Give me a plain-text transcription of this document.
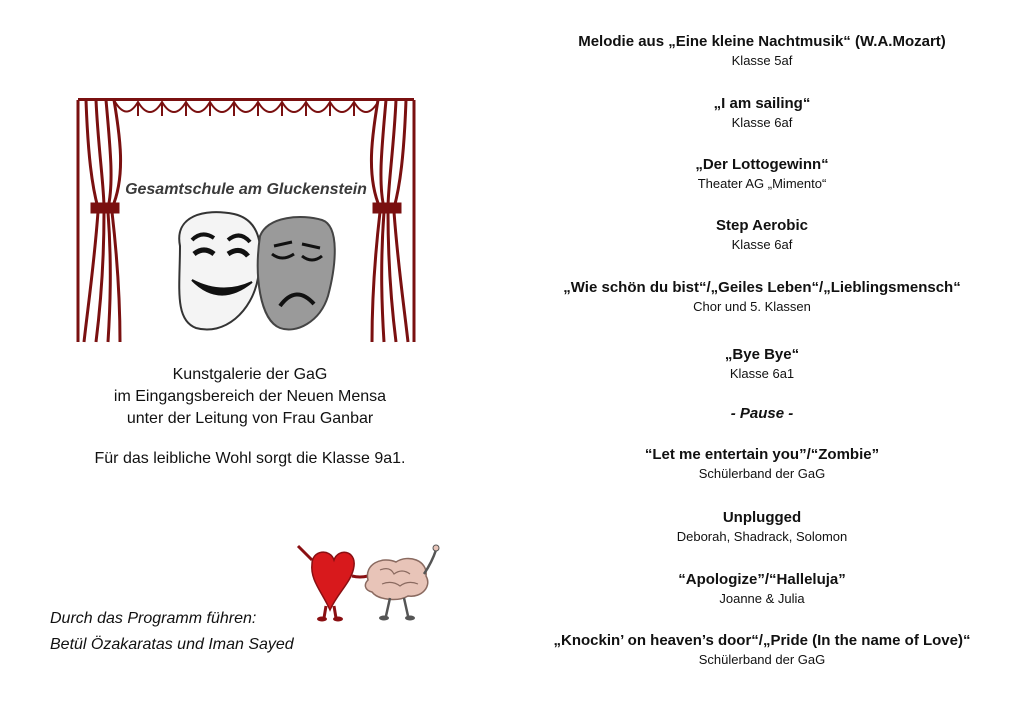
Gesamtschule am Gluckenstein
Kunstgalerie der GaG
im Eingangsbereich der Neuen Mensa
unter der Leitung von Frau Ganbar
Für das leibliche Wohl sorgt die Klasse 9a1.
Durch das Programm führen:
Betül Özakaratas und Iman Sayed
Melodie aus „Eine kleine Nachtmusik“ (W.A.Mozart)
Klasse 5af
„I am sailing“
Klasse 6af
„Der Lottogewinn“
Theater AG „Mimento“
Step Aerobic
Klasse 6af
„Wie schön du bist“/„Geiles Leben“/„Lieblingsmensch“
Chor und 5. Klassen
„Bye Bye“
Klasse 6a1
- Pause -
“Let me entertain you”/“Zombie”
Schülerband der GaG
Unplugged
Deborah, Shadrack, Solomon
“Apologize”/“Halleluja”
Joanne & Julia
„Knockin’ on heaven’s door“/„Pride (In the name of Love)“
Schülerband der GaG
